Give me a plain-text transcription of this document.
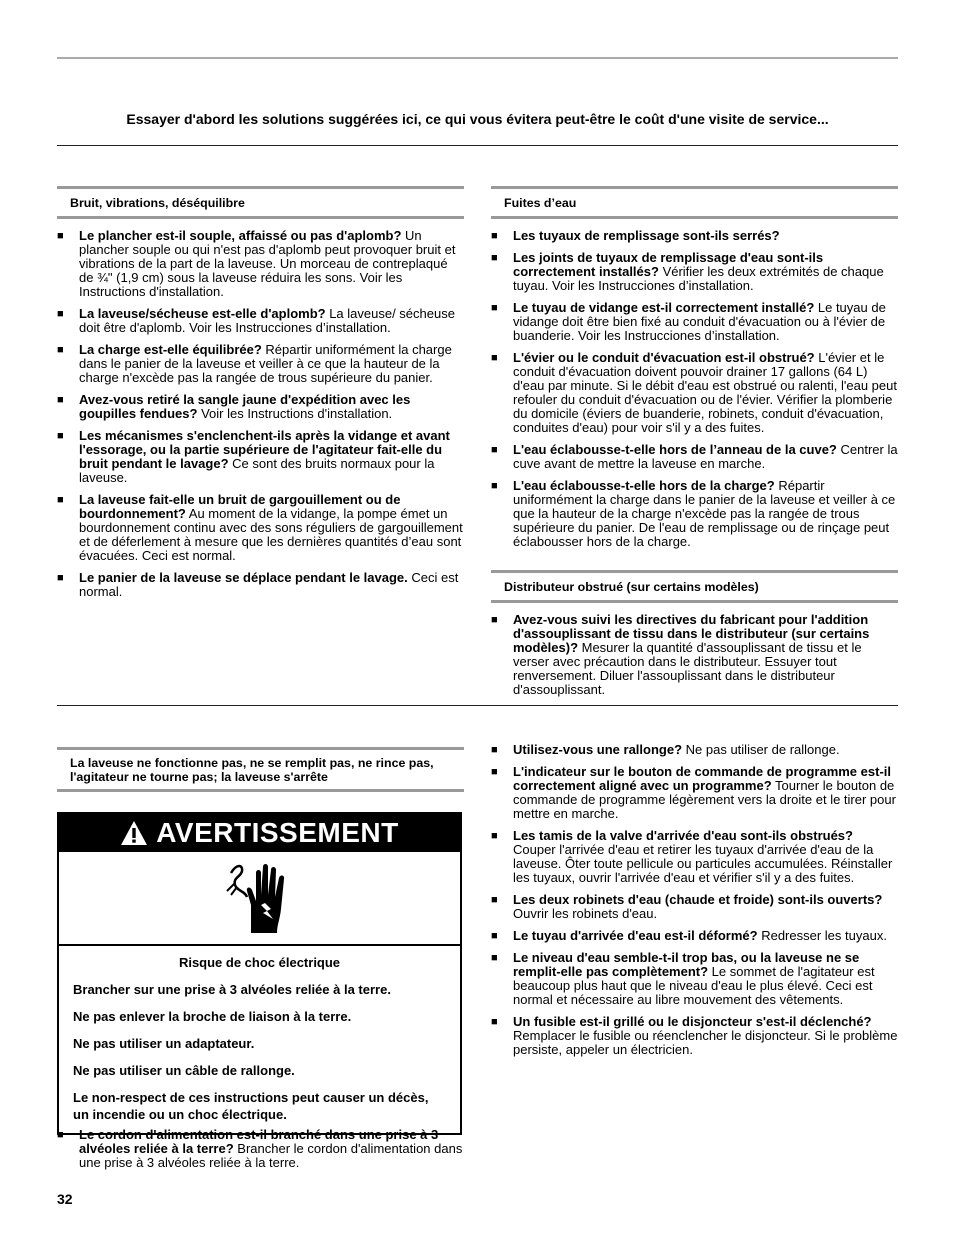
Essayer d'abord les solutions suggérées ici, ce qui vous évitera peut-être le coût d'une visite de service...
Bruit, vibrations, déséquilibre
■ Le plancher est-il souple, affaissé ou pas d'aplomb? Un plancher souple ou qui n'est pas d'aplomb peut provoquer bruit et vibrations de la part de la laveuse. Un morceau de contreplaqué de ¾" (1,9 cm) sous la laveuse réduira les sons. Voir les Instructions d'installation.
■ La laveuse/sécheuse est-elle d'aplomb? La laveuse/ sécheuse doit être d'aplomb. Voir les Instrucciones d’installation.
■ La charge est-elle équilibrée? Répartir uniformément la charge dans le panier de la laveuse et veiller à ce que la hauteur de la charge n'excède pas la rangée de trous supérieure du panier.
■ Avez-vous retiré la sangle jaune d'expédition avec les goupilles fendues? Voir les Instructions d'installation.
■ Les mécanismes s'enclenchent-ils après la vidange et avant l'essorage, ou la partie supérieure de l'agitateur fait-elle du bruit pendant le lavage? Ce sont des bruits normaux pour la laveuse.
■ La laveuse fait-elle un bruit de gargouillement ou de bourdonnement? Au moment de la vidange, la pompe émet un bourdonnement continu avec des sons réguliers de gargouillement et de déferlement à mesure que les dernières quantités d’eau sont évacuées. Ceci est normal.
■ Le panier de la laveuse se déplace pendant le lavage. Ceci est normal.
Fuites d’eau
■ Les tuyaux de remplissage sont-ils serrés?
■ Les joints de tuyaux de remplissage d'eau sont-ils correctement installés? Vérifier les deux extrémités de chaque tuyau. Voir les Instrucciones d’installation.
■ Le tuyau de vidange est-il correctement installé? Le tuyau de vidange doit être bien fixé au conduit d'évacuation ou à l'évier de buanderie. Voir les Instrucciones d’installation.
■ L'évier ou le conduit d'évacuation est-il obstrué? L'évier et le conduit d'évacuation doivent pouvoir drainer 17 gallons (64 L) d'eau par minute. Si le débit d'eau est obstrué ou ralenti, l'eau peut refouler du conduit d'évacuation ou de l'évier. Vérifier la plomberie du domicile (éviers de buanderie, robinets, conduit d'évacuation, conduites d'eau) pour voir s'il y a des fuites.
■ L'eau éclabousse-t-elle hors de l’anneau de la cuve? Centrer la cuve avant de mettre la laveuse en marche.
■ L'eau éclabousse-t-elle hors de la charge? Répartir uniformément la charge dans le panier de la laveuse et veiller à ce que la hauteur de la charge n'excède pas la rangée de trous supérieure du panier. De l'eau de remplissage ou de rinçage peut éclabousser hors de la charge.
Distributeur obstrué (sur certains modèles)
■ Avez-vous suivi les directives du fabricant pour l'addition d'assouplissant de tissu dans le distributeur (sur certains modèles)? Mesurer la quantité d'assouplissant de tissu et le verser avec précaution dans le distributeur. Essuyer tout renversement. Diluer l'assouplissant dans le distributeur d'assouplissant.
La laveuse ne fonctionne pas, ne se remplit pas, ne rince pas, l'agitateur ne tourne pas; la laveuse s'arrête
AVERTISSEMENT

Risque de choc électrique

Brancher sur une prise à 3 alvéoles reliée à la terre.

Ne pas enlever la broche de liaison à la terre.

Ne pas utiliser un adaptateur.

Ne pas utiliser un câble de rallonge.

Le non-respect de ces instructions peut causer un décès, un incendie ou un choc électrique.

■ Le cordon d'alimentation est-il branché dans une prise à 3 alvéoles reliée à la terre? Brancher le cordon d'alimentation dans une prise à 3 alvéoles reliée à la terre.
■ Utilisez-vous une rallonge? Ne pas utiliser de rallonge.
■ L'indicateur sur le bouton de commande de programme est-il correctement aligné avec un programme? Tourner le bouton de commande de programme légèrement vers la droite et le tirer pour mettre en marche.
■ Les tamis de la valve d'arrivée d'eau sont-ils obstrués? Couper l'arrivée d'eau et retirer les tuyaux d'arrivée d'eau de la laveuse. Ôter toute pellicule ou particules accumulées. Réinstaller les tuyaux, ouvrir l'arrivée d'eau et vérifier s'il y a des fuites.
■ Les deux robinets d'eau (chaude et froide) sont-ils ouverts? Ouvrir les robinets d'eau.
■ Le tuyau d'arrivée d'eau est-il déformé? Redresser les tuyaux.
■ Le niveau d'eau semble-t-il trop bas, ou la laveuse ne se remplit-elle pas complètement? Le sommet de l'agitateur est beaucoup plus haut que le niveau d'eau le plus élevé. Ceci est normal et nécessaire au libre mouvement des vêtements.
■ Un fusible est-il grillé ou le disjoncteur s'est-il déclenché? Remplacer le fusible ou réenclencher le disjoncteur. Si le problème persiste, appeler un électricien.
32
